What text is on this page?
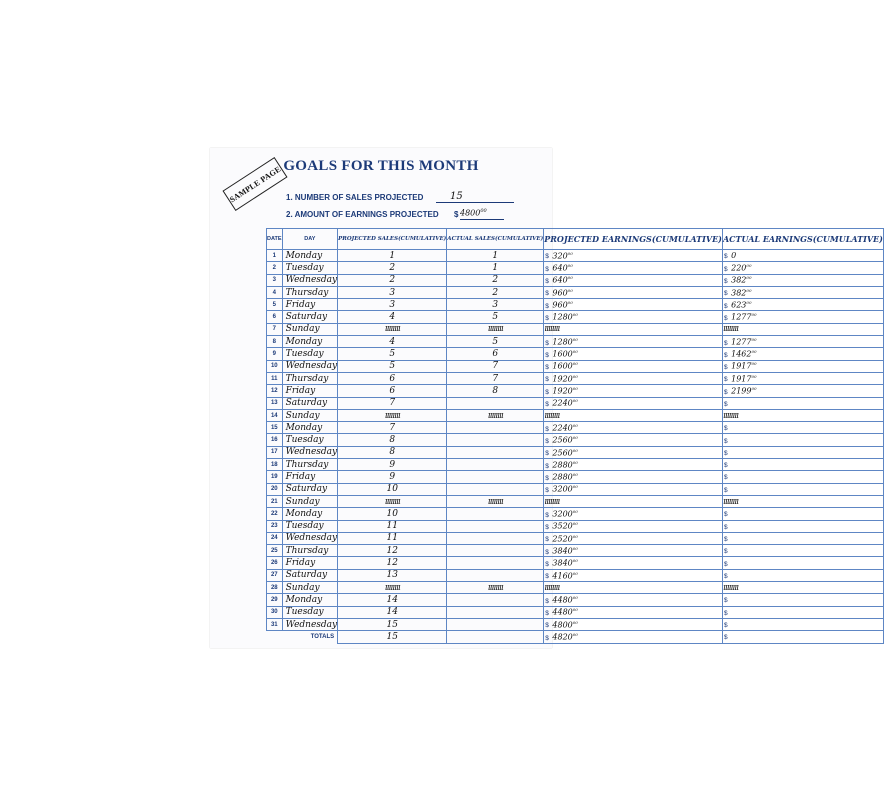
SAMPLE PAGE GOALS FOR THIS MONTH
1. NUMBER OF SALES PROJECTED	15
2. AMOUNT OF EARNINGS PROJECTED $ 4800$^{00}$
DATE	DAY	PROJECTED SALES(CUMULATIVE)	ACTUAL SALES(CUMULATIVE)	PROJECTED EARNINGS(CUMULATIVE)	ACTUAL EARNINGS(CUMULATIVE)
1	Monday	1	1	$ $320^{00}$	$ 0
2	Tuesday	2	1	$ $640^{00}$	$ $220^{00}$
3	Wednesday	2	2	$ $640^{00}$	$ $382^{00}$
4	Thursday	3	2	$ $960^{00}$	$ $382^{00}$
5	Friday	3	3	$ $960^{00}$	$ $623^{00}$
6	Saturday	4	5	$ 1280$^{00}$	$ 1277$^{00}$
7	Sunday	ıııııııı	ıııııııı	ıııııııı	ıııııııı
8	Monday	4	5	$ 1280$^{00}$	$ 1277$^{00}$
9	Tuesday	5	6	$ 1600$^{00}$	$ 1462$^{00}$
10	Wednesday	5	7	$ 1600$^{00}$	$ 1917$^{00}$
11	Thursday	6	7	$ 1920$^{00}$	$ 1917$^{00}$
12	Friday	6	8	$ 1920$^{00}$	$ 2199$^{00}$
13	Saturday	7		$ 2240$^{00}$	$
14	Sunday	ıııııııı	ıııııııı	ıııııııı	ıııııııı
15	Monday	7		$ 2240$^{00}$	$
16	Tuesday	8		$ 2560$^{00}$	$
17	Wednesday	8		$ 2560$^{00}$	$
18	Thursday	9		$ 2880$^{00}$	$
19	Friday	9		$ 2880$^{00}$	$
20	Saturday	10		$ 3200$^{00}$	$
21	Sunday	ıııııııı	ıııııııı	ıııııııı	ıııııııı
22	Monday	10		$ 3200$^{00}$	$
23	Tuesday	11		$ 3520$^{00}$	$
24	Wednesday	11		$ 2520$^{00}$	$
25	Thursday	12		$ 3840$^{00}$	$
26	Friday	12		$ 3840$^{00}$	$
27	Saturday	13		$ 4160$^{00}$	$
28	Sunday	ıııııııı	ıııııııı	ıııııııı	ıııııııı
29	Monday	14		$ 4480$^{00}$	$
30	Tuesday	14		$ 4480$^{00}$	$
31	Wednesday	15		$ 4800$^{00}$	$
TOTALS		15		$ 4820$^{00}$	$
